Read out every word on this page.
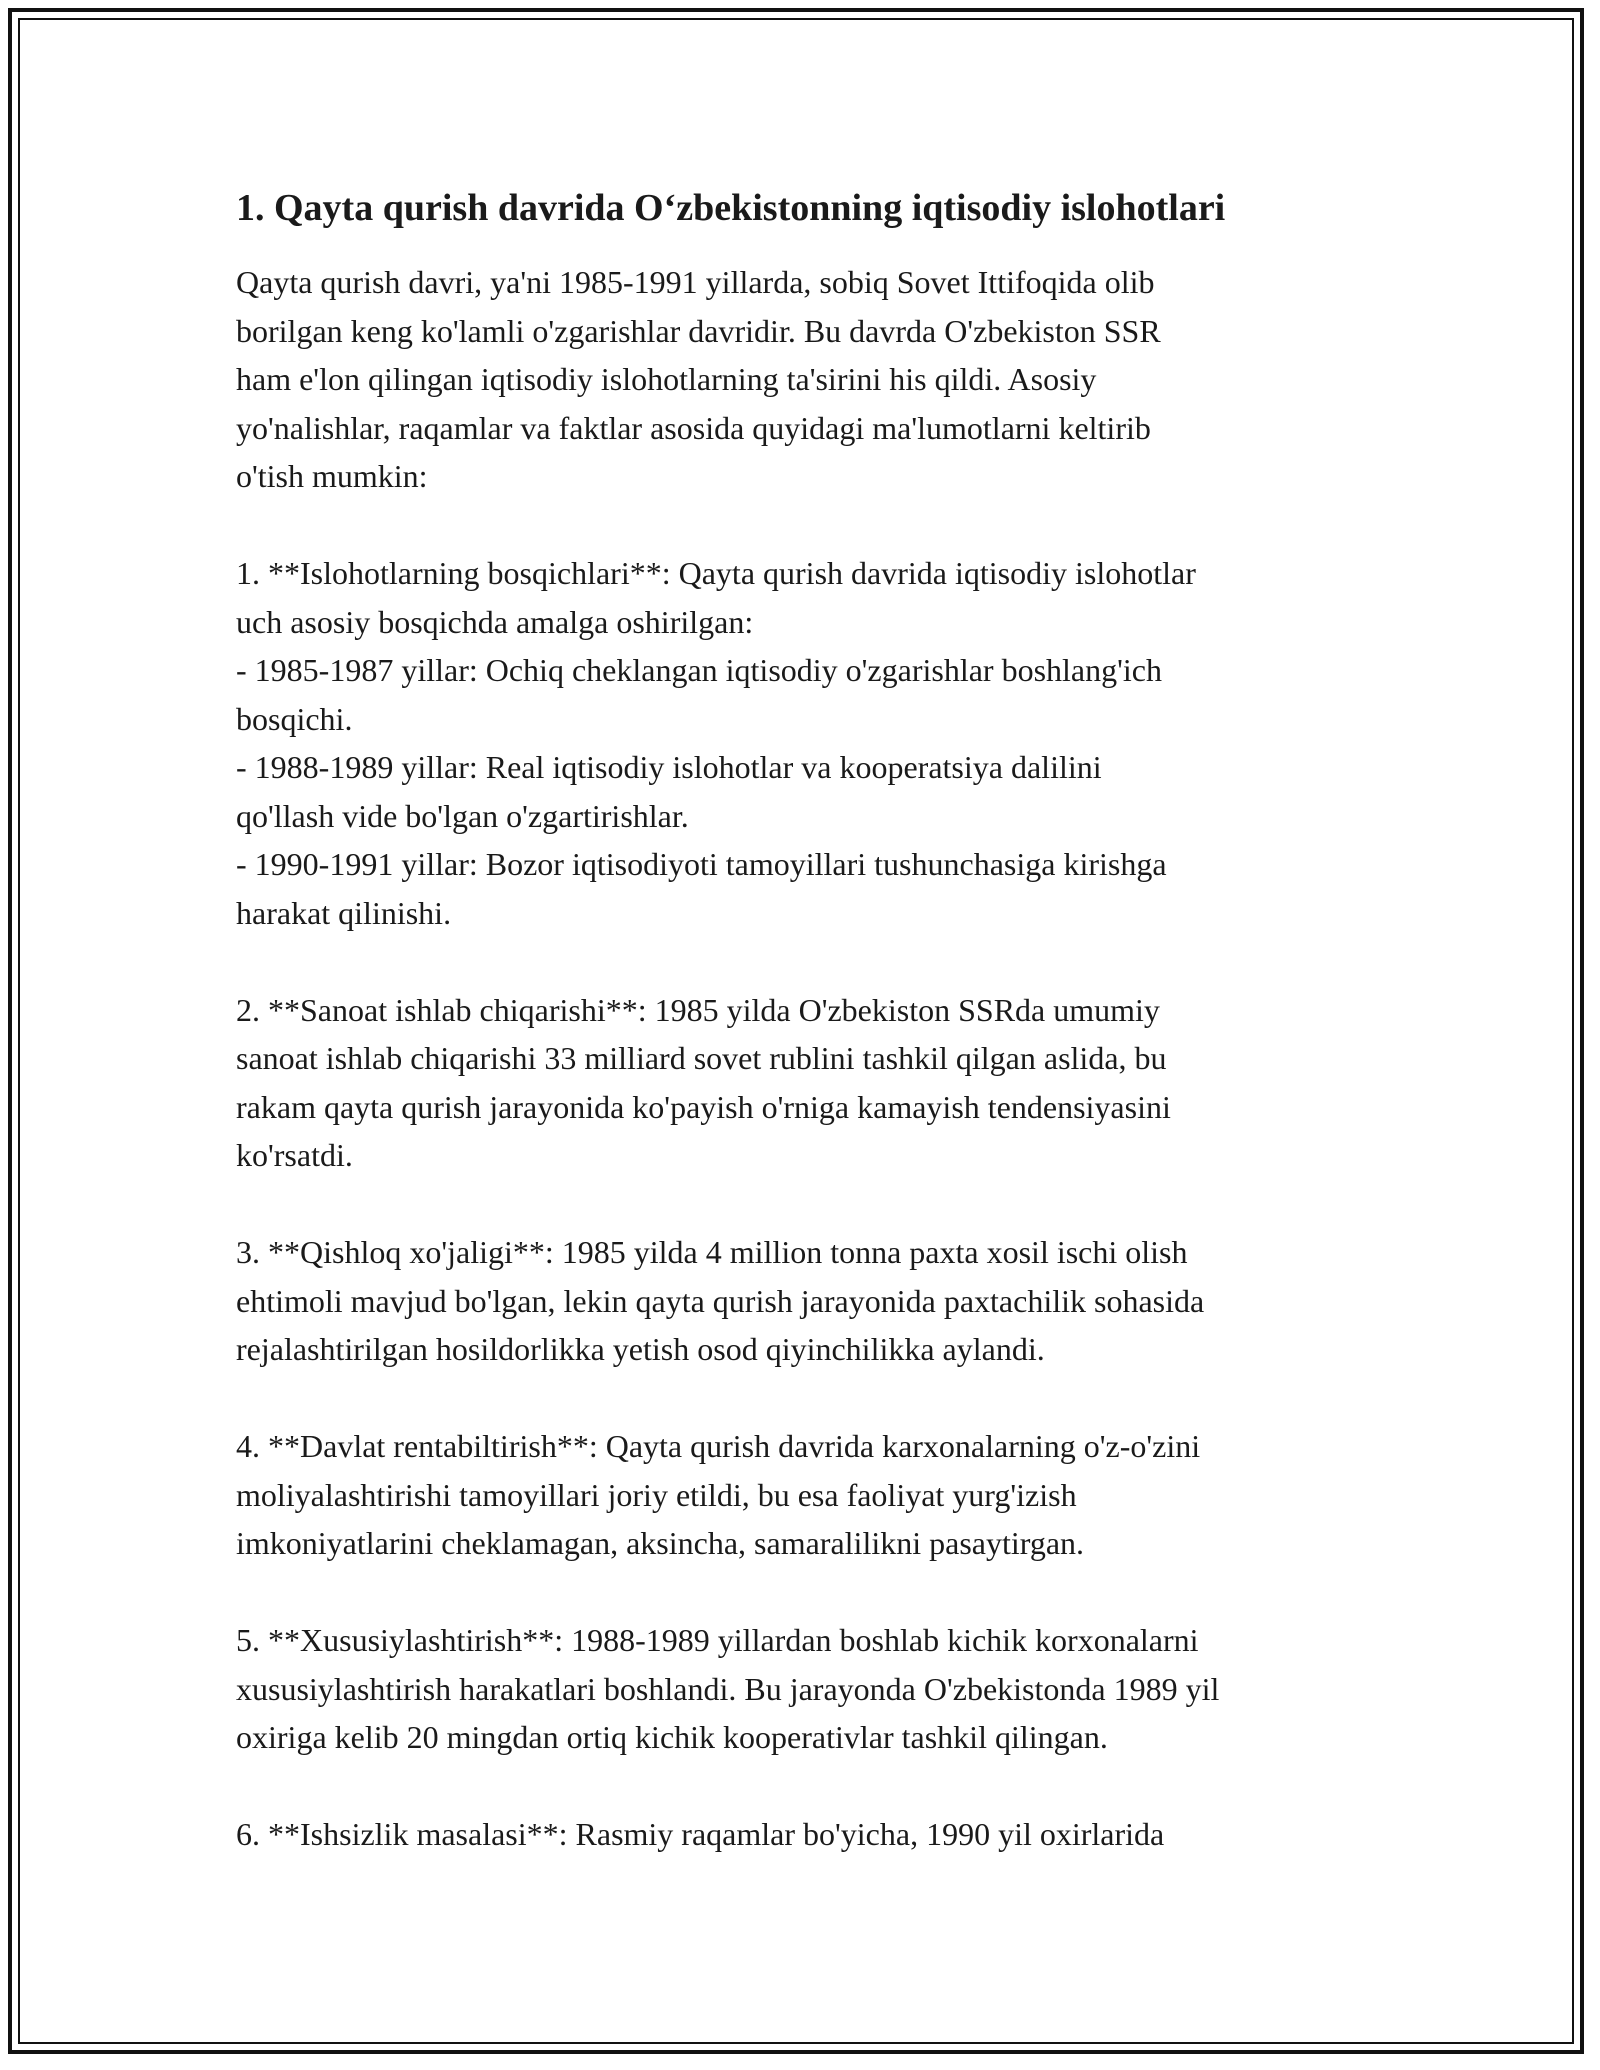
1. Qayta qurish davrida O‘zbekistonning iqtisodiy islohotlari

Qayta qurish davri, ya'ni 1985-1991 yillarda, sobiq Sovet Ittifoqida olib
borilgan keng ko'lamli o'zgarishlar davridir. Bu davrda O'zbekiston SSR
ham e'lon qilingan iqtisodiy islohotlarning ta'sirini his qildi. Asosiy
yo'nalishlar, raqamlar va faktlar asosida quyidagi ma'lumotlarni keltirib
o'tish mumkin:

1. **Islohotlarning bosqichlari**: Qayta qurish davrida iqtisodiy islohotlar
uch asosiy bosqichda amalga oshirilgan:
- 1985-1987 yillar: Ochiq cheklangan iqtisodiy o'zgarishlar boshlang'ich
bosqichi.
- 1988-1989 yillar: Real iqtisodiy islohotlar va kooperatsiya dalilini
qo'llash vide bo'lgan o'zgartirishlar.
- 1990-1991 yillar: Bozor iqtisodiyoti tamoyillari tushunchasiga kirishga
harakat qilinishi.

2. **Sanoat ishlab chiqarishi**: 1985 yilda O'zbekiston SSRda umumiy
sanoat ishlab chiqarishi 33 milliard sovet rublini tashkil qilgan aslida, bu
rakam qayta qurish jarayonida ko'payish o'rniga kamayish tendensiyasini
ko'rsatdi.

3. **Qishloq xo'jaligi**: 1985 yilda 4 million tonna paxta xosil ischi olish
ehtimoli mavjud bo'lgan, lekin qayta qurish jarayonida paxtachilik sohasida
rejalashtirilgan hosildorlikka yetish osod qiyinchilikka aylandi.

4. **Davlat rentabiltirish**: Qayta qurish davrida karxonalarning o'z-o'zini
moliyalashtirishi tamoyillari joriy etildi, bu esa faoliyat yurg'izish
imkoniyatlarini cheklamagan, aksincha, samaralilikni pasaytirgan.

5. **Xususiylashtirish**: 1988-1989 yillardan boshlab kichik korxonalarni
xususiylashtirish harakatlari boshlandi. Bu jarayonda O'zbekistonda 1989 yil
oxiriga kelib 20 mingdan ortiq kichik kooperativlar tashkil qilingan.

6. **Ishsizlik masalasi**: Rasmiy raqamlar bo'yicha, 1990 yil oxirlarida
